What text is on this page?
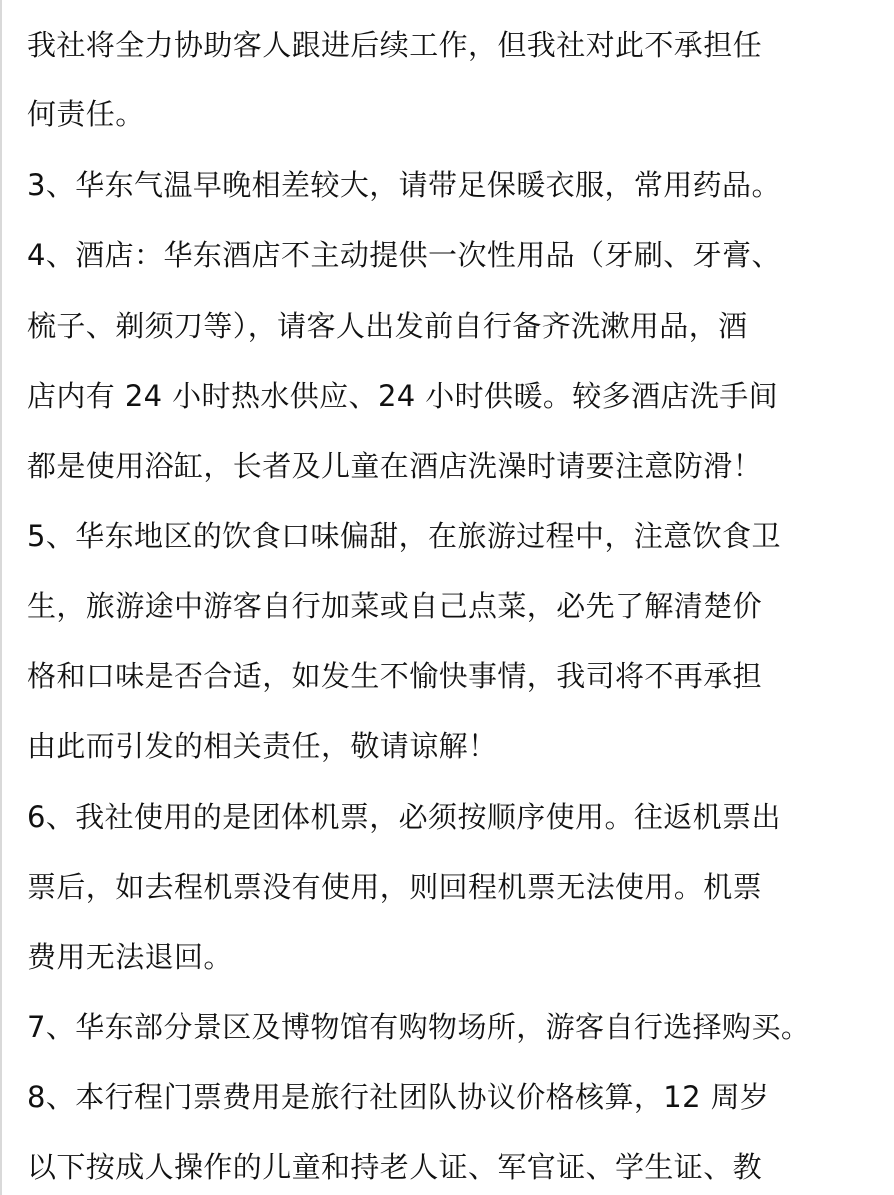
我社将全力协助客人跟进后续工作，但我社对此不承担任
何责任。
3、华东气温早晚相差较大，请带足保暖衣服，常用药品。
4、酒店：华东酒店不主动提供一次性用品（牙刷、牙膏、
梳子、剃须刀等），请客人出发前自行备齐洗漱用品，酒
店内有 24 小时热水供应、24 小时供暖。较多酒店洗手间
都是使用浴缸，长者及儿童在酒店洗澡时请要注意防滑！
5、华东地区的饮食口味偏甜，在旅游过程中，注意饮食卫
生，旅游途中游客自行加菜或自己点菜，必先了解清楚价
格和口味是否合适，如发生不愉快事情，我司将不再承担
由此而引发的相关责任，敬请谅解！
6、我社使用的是团体机票，必须按顺序使用。往返机票出
票后，如去程机票没有使用，则回程机票无法使用。机票
费用无法退回。
7、华东部分景区及博物馆有购物场所，游客自行选择购买。
8、本行程门票费用是旅行社团队协议价格核算，12 周岁
以下按成人操作的儿童和持老人证、军官证、学生证、教
